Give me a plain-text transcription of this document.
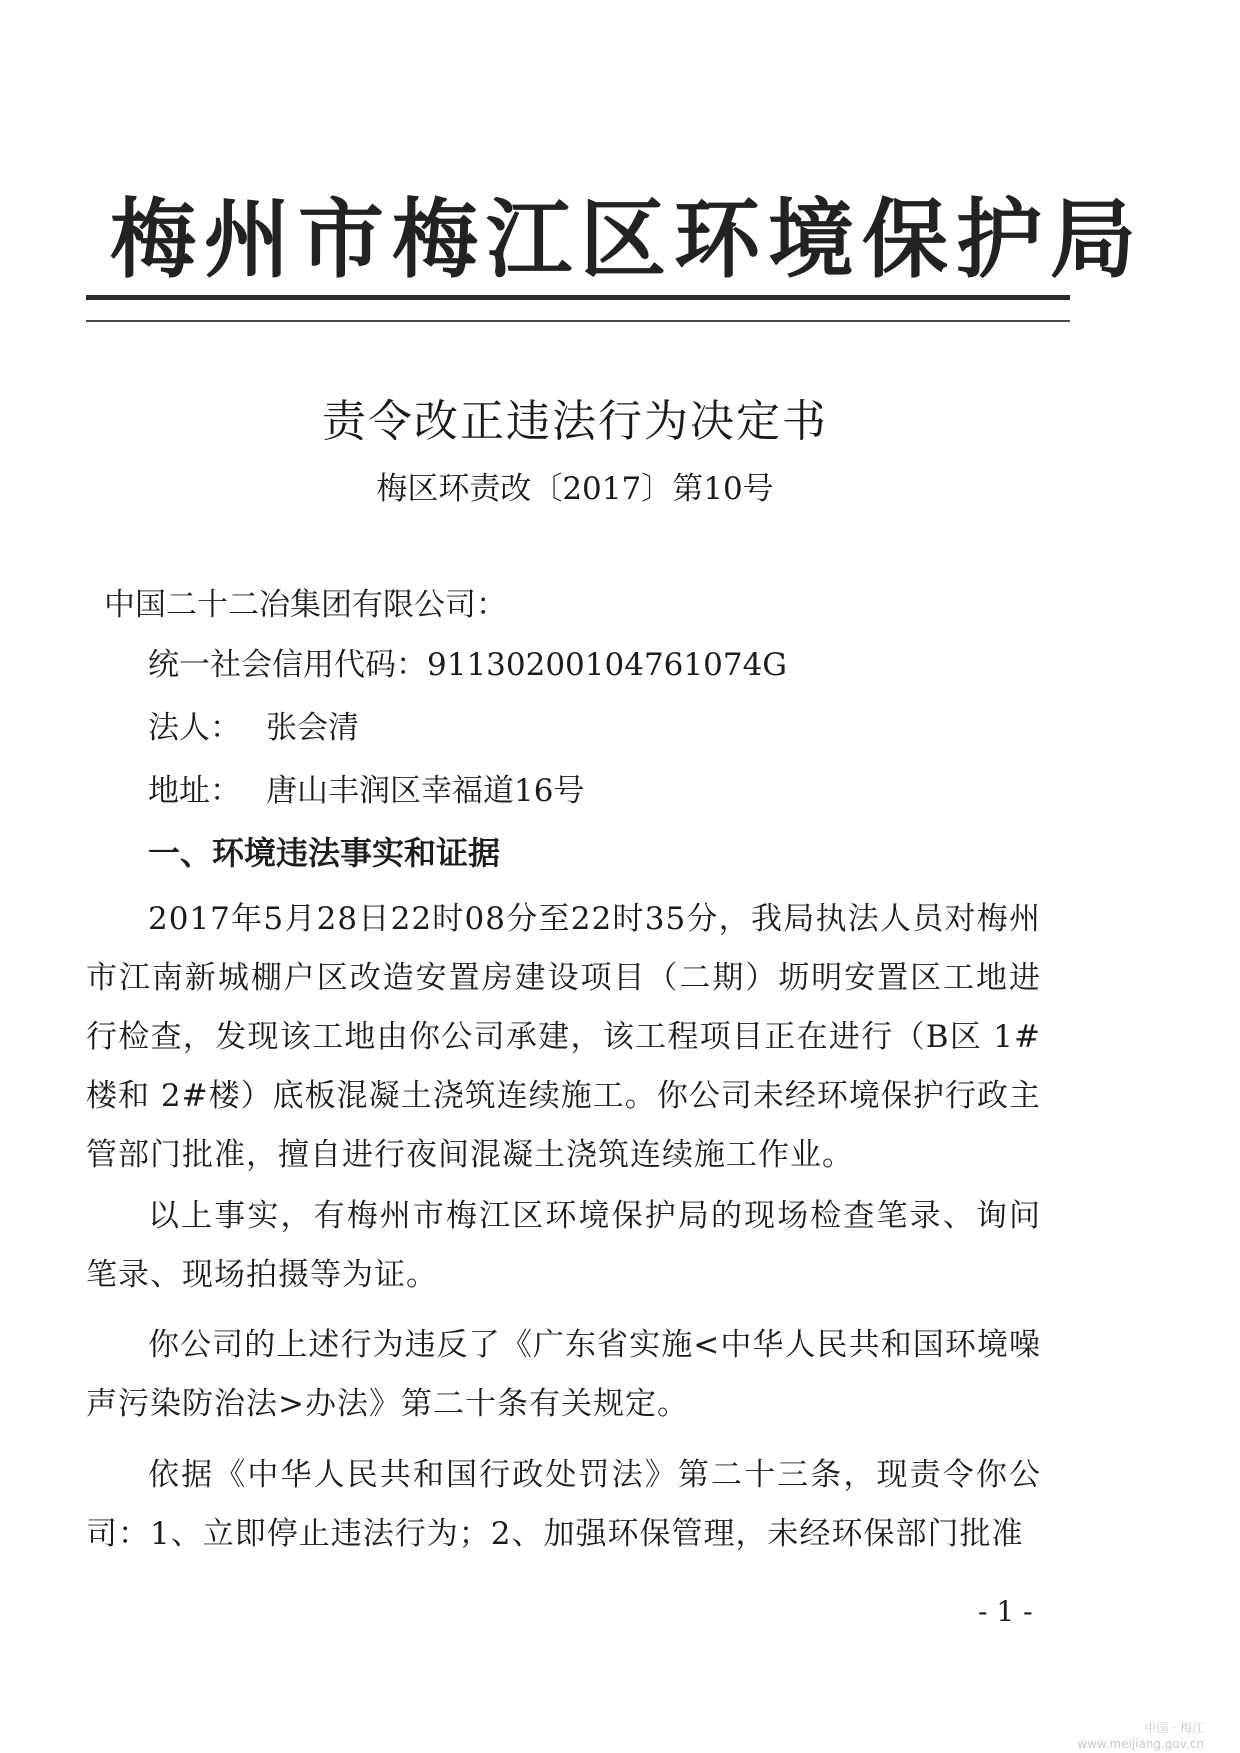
梅州市梅江区环境保护局
责令改正违法行为决定书
梅区环责改〔2017〕第10号
中国二十二冶集团有限公司：
统一社会信用代码：911302001047610​74G
法人： 张会清
地址： 唐山丰润区幸福道16号
一、环境违法事实和证据
2017年5月28日22时08分至22时35分，我局执法人员对梅州市江南新城棚户区改造安置房建设项目（二期）坜明安置区工地进行检查，发现该工地由你公司承建，该工程项目正在进行（B区 1#楼和 2#楼）底板混凝土浇筑连续施工。你公司未经环境保护行政主管部门批准，擅自进行夜间混凝土浇筑连续施工作业。
以上事实，有梅州市梅江区环境保护局的现场检查笔录、询问笔录、现场拍摄等为证。
你公司的上述行为违反了《广东省实施<中华人民共和国环境噪声污染防治法>办法》第二十条有关规定。
依据《中华人民共和国行政处罚法》第二十三条，现责令你公司：1、立即停止违法行为；2、加强环保管理，未经环保部门批准
- 1 -
中国 · 梅江
www.meijiang.gov.cn
